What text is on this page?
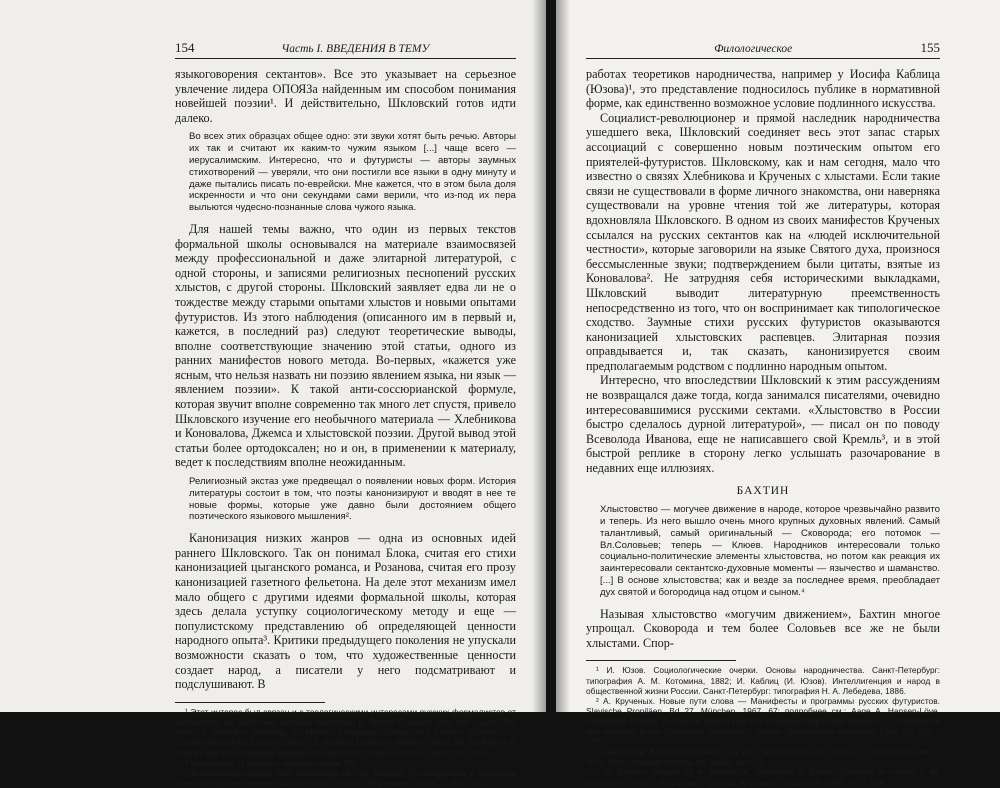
154	Часть I. ВВЕДЕНИЯ В ТЕМУ

языкоговорения сектантов». Все это указывает на серьезное увлечение лидера ОПОЯЗа найденным им способом понимания новейшей поэзии¹. И действительно, Шкловский готов идти далеко.

Во всех этих образцах общее одно: эти звуки хотят быть речью. Авторы их так и считают их каким-то чужим языком [...] чаще всего — иерусалимским. Интересно, что и футуристы — авторы заумных стихотворений — уверяли, что они постигли все языки в одну минуту и даже пытались писать по-еврейски. Мне кажется, что в этом была доля искренности и что они секундами сами верили, что из-под их пера выльются чудесно-познанные слова чужого языка.

Для нашей темы важно, что один из первых текстов формальной школы основывался на материале взаимосвязей между профессиональной и даже элитарной литературой, с одной стороны, и записями религиозных песнопений русских хлыстов, с другой стороны. Шкловский заявляет едва ли не о тождестве между старыми опытами хлыстов и новыми опытами футуристов. Из этого наблюдения (описанного им в первый и, кажется, в последний раз) следуют теоретические выводы, вполне соответствующие значению этой статьи, одного из ранних манифестов нового метода. Во-первых, «кажется уже ясным, что нельзя назвать ни поэзию явлением языка, ни язык — явлением поэзии». К такой анти-соссюрианской формуле, которая звучит вполне современно так много лет спустя, привело Шкловского изучение его необычного материала — Хлебникова и Коновалова, Джемса и хлыстовской поэзии. Другой вывод этой статьи более ортодоксален; но и он, в применении к материалу, ведет к последствиям вполне неожиданным.

Религиозный экстаз уже предвещал о появлении новых форм. История литературы состоит в том, что поэты канонизируют и вводят в нее те новые формы, которые уже давно были достоянием общего поэтического языкового мышления².

Канонизация низких жанров — одна из основных идей раннего Шкловского. Так он понимал Блока, считая его стихи канонизацией цыганского романса, и Розанова, считая его прозу канонизацией газетного фельетона. На деле этот механизм имел мало общего с другими идеями формальной школы, которая здесь делала уступку социологическому методу и еще — популистскому представлению об определяющей ценности народного опыта³. Критики предыдущего поколения не упускали возможности сказать о том, что художественные ценности создает народ, а писатели у него подсматривают и подслушивают. В

¹ Этот интерес был связан и с теологическими интересами русских формалистов от Шкловского до Якобсона, которые выявлены в: Steven Cassedy. Icon and Logos. The Role of Orthodox Theology in Modern Language Theory and Literary Criticism — Christianity and the Eastern Slavs. v.2. Russian Culture in Modern Times. Ed. by Robert P. Hughes and Irina Paperno. Berkeley: University of California Press, 1994, 311—324.

² Шкловский. О поэзии и заумном языке, 58.

³ Взвешенную оценку этой концепции см.: Ю. Лотман. О содержании и структуре понятия «художественная литература» — в его: Избранные статьи, 1, 203—215.

Филологическое	155

работах теоретиков народничества, например у Иосифа Каблица (Юзова)¹, это представление подносилось публике в нормативной форме, как единственно возможное условие подлинного искусства.

Социалист-революционер и прямой наследник народничества ушедшего века, Шкловский соединяет весь этот запас старых ассоциаций с совершенно новым поэтическим опытом его приятелей-футуристов. Шкловскому, как и нам сегодня, мало что известно о связях Хлебникова и Крученых с хлыстами. Если такие связи не существовали в форме личного знакомства, они наверняка существовали на уровне чтения той же литературы, которая вдохновляла Шкловского. В одном из своих манифестов Крученых ссылался на русских сектантов как на «людей исключительной честности», которые заговорили на языке Святого духа, произнося бессмысленные звуки; подтверждением были цитаты, взятые из Коновалова². Не затрудняя себя историческими выкладками, Шкловский выводит литературную преемственность непосредственно из того, что он воспринимает как типологическое сходство. Заумные стихи русских футуристов оказываются канонизацией хлыстовских распевцев. Элитарная поэзия оправдывается и, так сказать, канонизируется своим предполагаемым родством с подлинно народным опытом.

Интересно, что впоследствии Шкловский к этим рассуждениям не возвращался даже тогда, когда занимался писателями, очевидно интересовавшимися русскими сектами. «Хлыстовство в России быстро сделалось дурной литературой», — писал он по поводу Всеволода Иванова, еще не написавшего свой Кремль³, и в этой быстрой реплике в сторону легко услышать разочарование в недавних еще иллюзиях.

БАХТИН

Хлыстовство — могучее движение в народе, которое чрезвычайно развито и теперь. Из него вышло очень много крупных духовных явлений. Самый талантливый, самый оригинальный — Сковорода; его потомок — Вл.Соловьев; теперь — Клюев. Народников интересовали только социально-политические элементы хлыстовства, но потом как реакция их заинтересовали сектантско-духовные моменты — язычество и шаманство. [...] В основе хлыстовства; как и везде за последнее время, преобладает дух святой и богородица над отцом и сыном.⁴

Называя хлыстовство «могучим движением», Бахтин многое упрощал. Сковорода и тем более Соловьев все же не были хлыстами. Спор-

¹ И. Юзов. Социологические очерки. Основы народничества. Санкт-Петербург: типография А. М. Котомина, 1882; И. Каблиц (И. Юзов). Интеллигенция и народ в общественной жизни России. Санкт-Петербург: типография Н. А. Лебедева, 1886.

² А. Крученых. Новые пути слова — Манифесты и программы русских футуристов. Slavische Propiläen, Bd 27. München, 1967, 67; подробнее см.: Aage A. Hansen-Löve. Allgemeine Haretik, Russische Sekten und Ihre Literarisierung in der Moderne — Orthodoxien und Haresien in der Slavischen literaturen = Wiener Slawistischer Almanach, 1996, 41, 236—237.

³ Шкловский. Всеволод Иванов — в его: Гамбургский счет. Статьи — воспоминания — эссе, 284; о романе Кремль см. ниже, часть 6.

⁴ М. Бахтин. Лекции об А. Белом, Ф. Сологубе, А. Блоке, Есенине (в записи Р. М. Мирской). Публ. Г. Бочарова — Диалог. Карнавал. Хронотоп, 1993, 2—3, 139.
